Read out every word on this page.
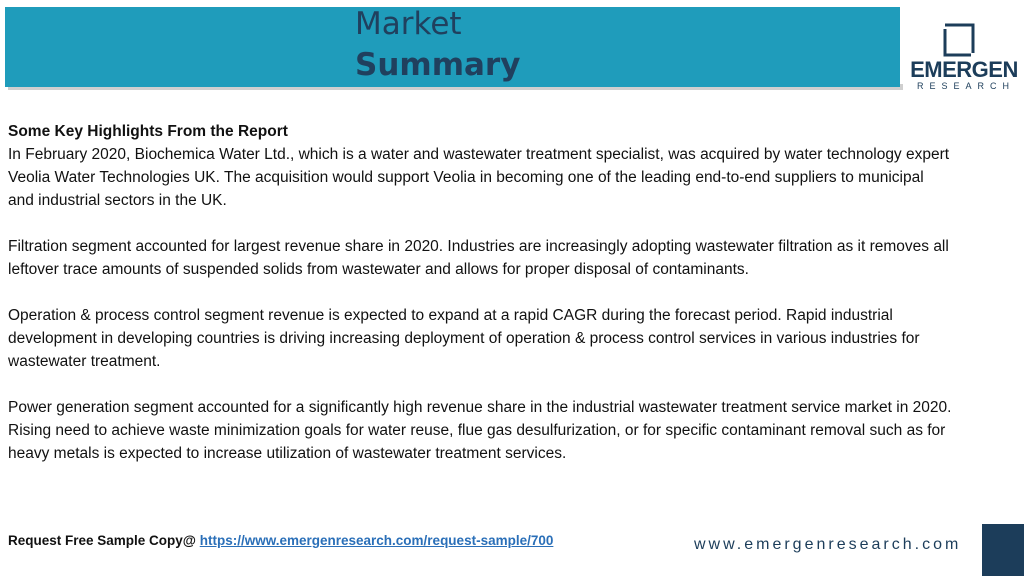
Market
Summary	EMERGEN
RESEARCH

Some Key Highlights From the Report
In February 2020, Biochemica Water Ltd., which is a water and wastewater treatment specialist, was acquired by water technology expert Veolia Water Technologies UK. The acquisition would support Veolia in becoming one of the leading end-to-end suppliers to municipal and industrial sectors in the UK.

Filtration segment accounted for largest revenue share in 2020. Industries are increasingly adopting wastewater filtration as it removes all leftover trace amounts of suspended solids from wastewater and allows for proper disposal of contaminants.

Operation & process control segment revenue is expected to expand at a rapid CAGR during the forecast period. Rapid industrial development in developing countries is driving increasing deployment of operation & process control services in various industries for wastewater treatment.

Power generation segment accounted for a significantly high revenue share in the industrial wastewater treatment service market in 2020. Rising need to achieve waste minimization goals for water reuse, flue gas desulfurization, or for specific contaminant removal such as for heavy metals is expected to increase utilization of wastewater treatment services.

Request Free Sample Copy@ https://www.emergenresearch.com/request-sample/700	www.emergenresearch.com
